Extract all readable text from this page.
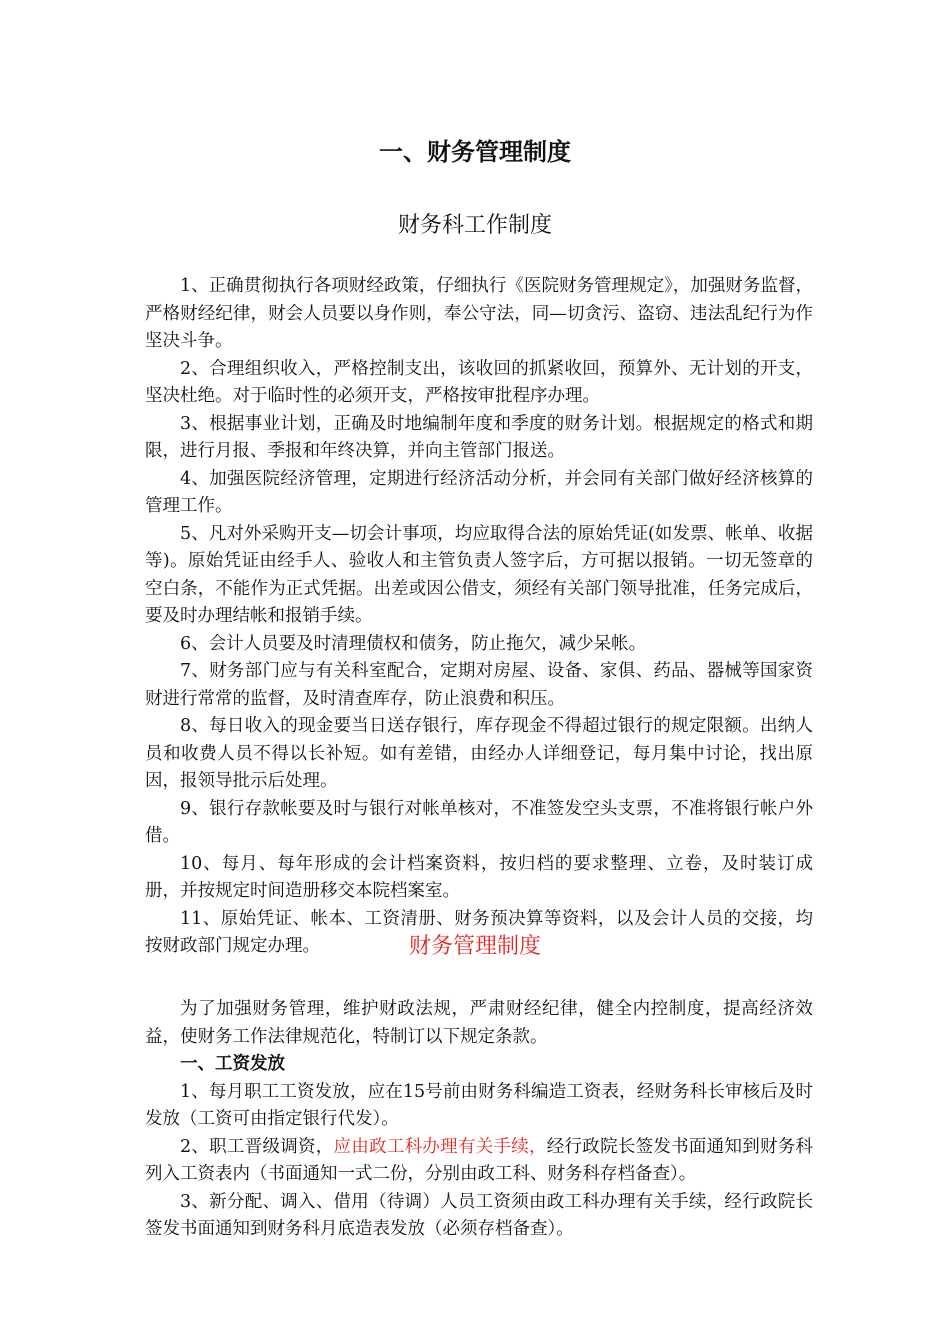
一、财务管理制度
财务科工作制度

1、正确贯彻执行各项财经政策，仔细执行《医院财务管理规定》，加强财务监督，严格财经纪律，财会人员要以身作则，奉公守法，同—切贪污、盗窃、违法乱纪行为作坚决斗争。

2、合理组织收入，严格控制支出，该收回的抓紧收回，预算外、无计划的开支，坚决杜绝。对于临时性的必须开支，严格按审批程序办理。

3、根据事业计划，正确及时地编制年度和季度的财务计划。根据规定的格式和期限，进行月报、季报和年终决算，并向主管部门报送。

4、加强医院经济管理，定期进行经济活动分析，并会同有关部门做好经济核算的管理工作。

5、凡对外采购开支—切会计事项，均应取得合法的原始凭证(如发票、帐单、收据等)。原始凭证由经手人、验收人和主管负责人签字后，方可据以报销。一切无签章的空白条，不能作为正式凭据。出差或因公借支，须经有关部门领导批准，任务完成后，要及时办理结帐和报销手续。

6、会计人员要及时清理债权和债务，防止拖欠，减少呆帐。

7、财务部门应与有关科室配合，定期对房屋、设备、家俱、药品、器械等国家资财进行常常的监督，及时清查库存，防止浪费和积压。

8、每日收入的现金要当日送存银行，库存现金不得超过银行的规定限额。出纳人员和收费人员不得以长补短。如有差错，由经办人详细登记，每月集中讨论，找出原因，报领导批示后处理。

9、银行存款帐要及时与银行对帐单核对，不准签发空头支票，不准将银行帐户外借。

10、每月、每年形成的会计档案资料，按归档的要求整理、立卷，及时装订成册，并按规定时间造册移交本院档案室。

11、原始凭证、帐本、工资清册、财务预决算等资料，以及会计人员的交接，均按财政部门规定办理。	财务管理制度

为了加强财务管理，维护财政法规，严肃财经纪律，健全内控制度，提高经济效益，使财务工作法律规范化，特制订以下规定条款。

一、工资发放

1、每月职工工资发放，应在15号前由财务科编造工资表，经财务科长审核后及时发放（工资可由指定银行代发）。

2、职工晋级调资，应由政工科办理有关手续，经行政院长签发书面通知到财务科列入工资表内（书面通知一式二份，分别由政工科、财务科存档备查）。

3、新分配、调入、借用（待调）人员工资须由政工科办理有关手续，经行政院长签发书面通知到财务科月底造表发放（必须存档备查）。
